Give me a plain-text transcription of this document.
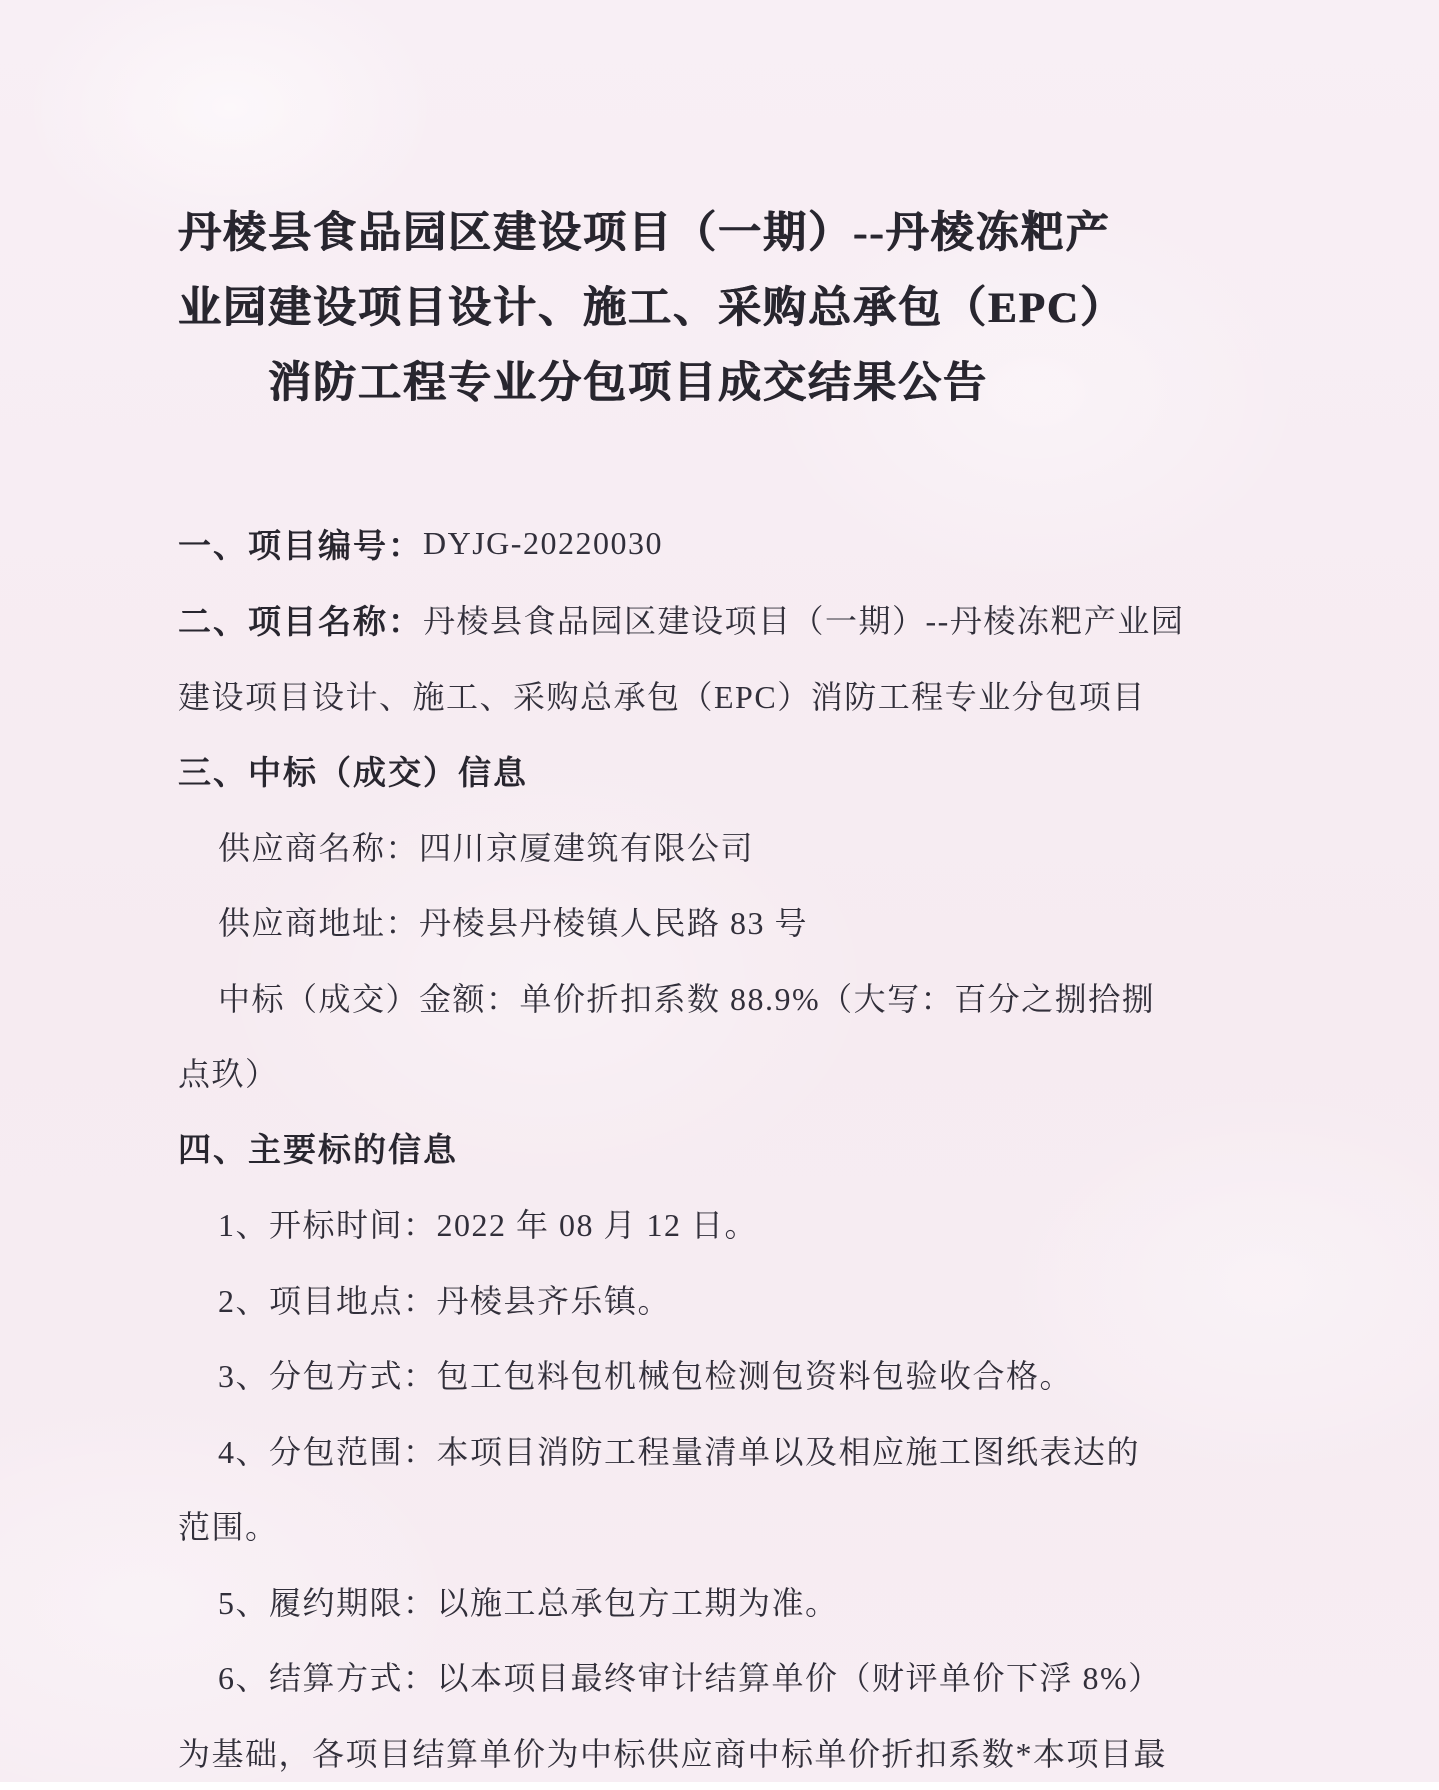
丹棱县食品园区建设项目（一期）--丹棱冻粑产
业园建设项目设计、施工、采购总承包（EPC）
消防工程专业分包项目成交结果公告
一、项目编号： DYJG-20220030
二、项目名称： 丹棱县食品园区建设项目（一期）--丹棱冻粑产业园
建设项目设计、施工、采购总承包（EPC）消防工程专业分包项目
三、中标（成交）信息
供应商名称：四川京厦建筑有限公司
供应商地址：丹棱县丹棱镇人民路 83 号
中标（成交）金额：单价折扣系数 88.9%（大写：百分之捌拾捌
点玖）
四、主要标的信息
1、开标时间：2022 年 08 月 12 日。
2、项目地点：丹棱县齐乐镇。
3、分包方式：包工包料包机械包检测包资料包验收合格。
4、分包范围：本项目消防工程量清单以及相应施工图纸表达的
范围。
5、履约期限：以施工总承包方工期为准。
6、结算方式：以本项目最终审计结算单价（财评单价下浮 8%）
为基础，各项目结算单价为中标供应商中标单价折扣系数*本项目最
